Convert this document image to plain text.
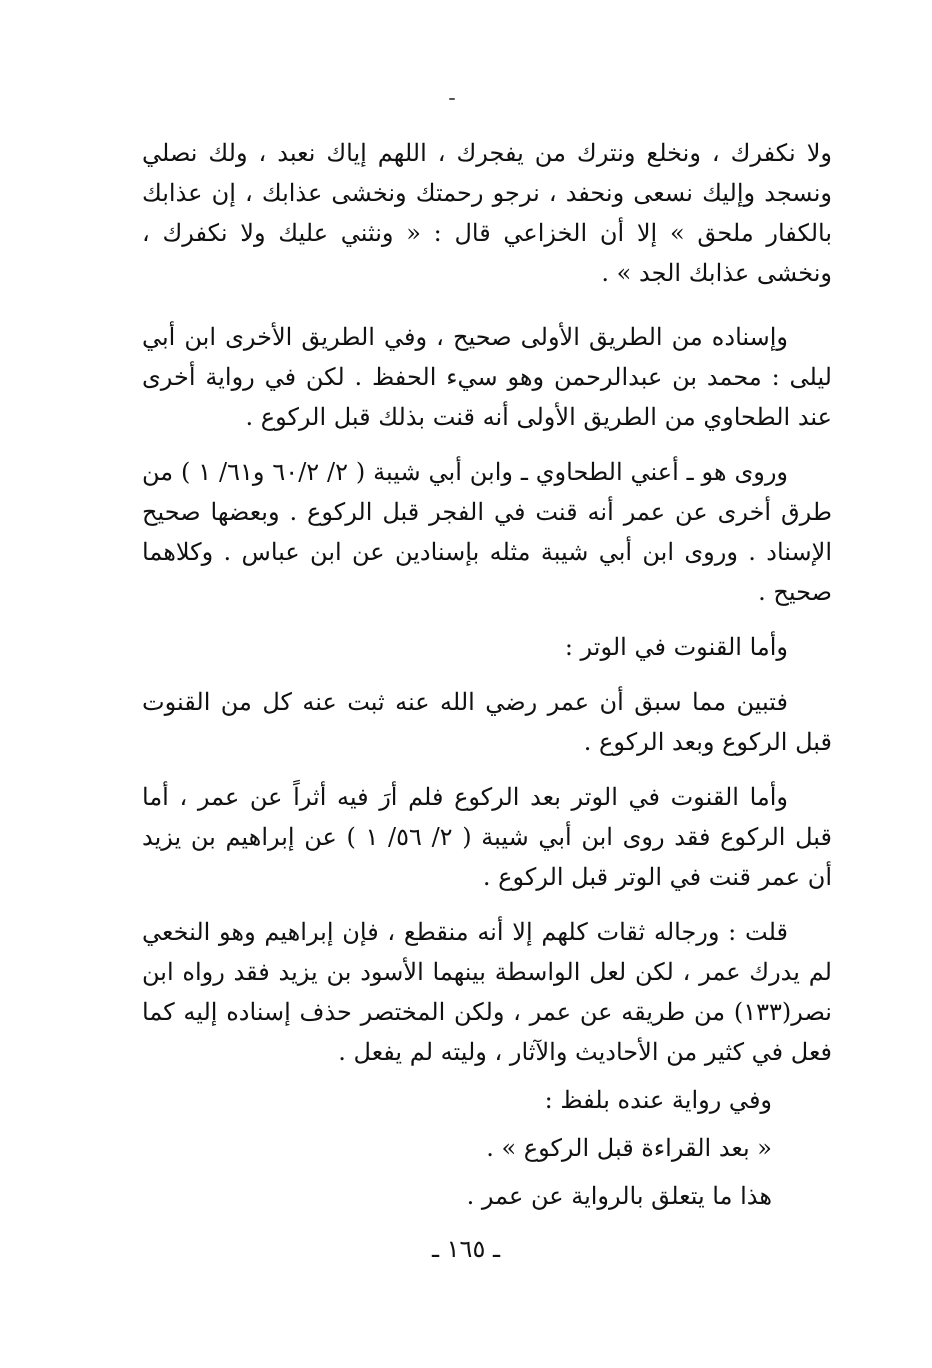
ولا نكفرك ، ونخلع ونترك من يفجرك ، اللهم إياك نعبد ، ولك نصلي ونسجد وإليك نسعى ونحفد ، نرجو رحمتك ونخشى عذابك ، إن عذابك بالكفار ملحق » إلا أن الخزاعي قال : « ونثني عليك ولا نكفرك ، ونخشى عذابك الجد » .

وإسناده من الطريق الأولى صحيح ، وفي الطريق الأخرى ابن أبي ليلى : محمد بن عبدالرحمن وهو سيء الحفظ . لكن في رواية أخرى عند الطحاوي من الطريق الأولى أنه قنت بذلك قبل الركوع .

وروى هو ـ أعني الطحاوي ـ وابن أبي شيبة ( ٢/ ٦٠/٢ و٦١/ ١ ) من طرق أخرى عن عمر أنه قنت في الفجر قبل الركوع . وبعضها صحيح الإسناد . وروى ابن أبي شيبة مثله بإسنادين عن ابن عباس . وكلاهما صحيح .

وأما القنوت في الوتر :

فتبين مما سبق أن عمر رضي الله عنه ثبت عنه كل من القنوت قبل الركوع وبعد الركوع .

وأما القنوت في الوتر بعد الركوع فلم أرَ فيه أثراً عن عمر ، أما قبل الركوع فقد روى ابن أبي شيبة ( ٢/ ٥٦/ ١ ) عن إبراهيم بن يزيد أن عمر قنت في الوتر قبل الركوع .

قلت : ورجاله ثقات كلهم إلا أنه منقطع ، فإن إبراهيم وهو النخعي لم يدرك عمر ، لكن لعل الواسطة بينهما الأسود بن يزيد فقد رواه ابن نصر(١٣٣) من طريقه عن عمر ، ولكن المختصر حذف إسناده إليه كما فعل في كثير من الأحاديث والآثار ، وليته لم يفعل .

وفي رواية عنده بلفظ :

« بعد القراءة قبل الركوع » .

هذا ما يتعلق بالرواية عن عمر .

ـ ١٦٥ ـ
